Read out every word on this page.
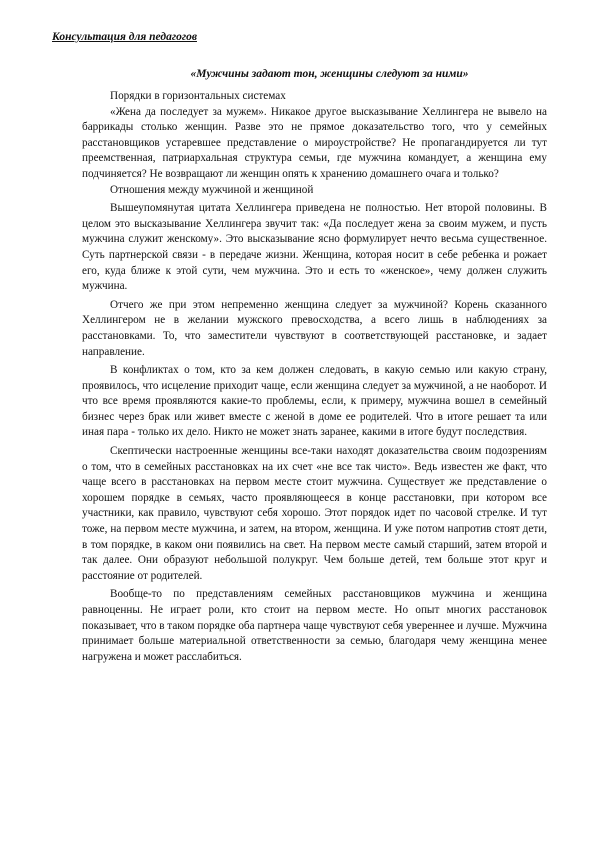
Консультация для педагогов
«Мужчины задают тон, женщины следуют за ними»

Порядки в горизонтальных системах

«Жена да последует за мужем». Никакое другое высказывание Хеллингера не вывело на баррикады столько женщин. Разве это не прямое доказательство того, что у семейных расстановщиков устаревшее представление о мироустройстве? Не пропагандируется ли тут преемственная, патриархальная структура семьи, где мужчина командует, а женщина ему подчиняется? Не возвращают ли женщин опять к хранению домашнего очага и только?

Отношения между мужчиной и женщиной

Вышеупомянутая цитата Хеллингера приведена не полностью. Нет второй половины. В целом это высказывание Хеллингера звучит так: «Да последует жена за своим мужем, и пусть мужчина служит женскому». Это высказывание ясно формулирует нечто весьма существенное. Суть партнерской связи - в передаче жизни. Женщина, которая носит в себе ребенка и рожает его, куда ближе к этой сути, чем мужчина. Это и есть то «женское», чему должен служить мужчина.

Отчего же при этом непременно женщина следует за мужчиной? Корень сказанного Хеллингером не в желании мужского превосходства, а всего лишь в наблюдениях за расстановками. То, что заместители чувствуют в соответствующей расстановке, и задает направление.

В конфликтах о том, кто за кем должен следовать, в какую семью или какую страну, проявилось, что исцеление приходит чаще, если женщина следует за мужчиной, а не наоборот. И что все время проявляются какие-то проблемы, если, к примеру, мужчина вошел в семейный бизнес через брак или живет вместе с женой в доме ее родителей. Что в итоге решает та или иная пара - только их дело. Никто не может знать заранее, какими в итоге будут последствия.

Скептически настроенные женщины все-таки находят доказательства своим подозрениям о том, что в семейных расстановках на их счет «не все так чисто». Ведь известен же факт, что чаще всего в расстановках на первом месте стоит мужчина. Существует же представление о хорошем порядке в семьях, часто проявляющееся в конце расстановки, при котором все участники, как правило, чувствуют себя хорошо. Этот порядок идет по часовой стрелке. И тут тоже, на первом месте мужчина, и затем, на втором, женщина. И уже потом напротив стоят дети, в том порядке, в каком они появились на свет. На первом месте самый старший, затем второй и так далее. Они образуют небольшой полукруг. Чем больше детей, тем больше этот круг и расстояние от родителей.

Вообще-то по представлениям семейных расстановщиков мужчина и женщина равноценны. Не играет роли, кто стоит на первом месте. Но опыт многих расстановок показывает, что в таком порядке оба партнера чаще чувствуют себя увереннее и лучше. Мужчина принимает больше материальной ответственности за семью, благодаря чему женщина менее нагружена и может расслабиться.
